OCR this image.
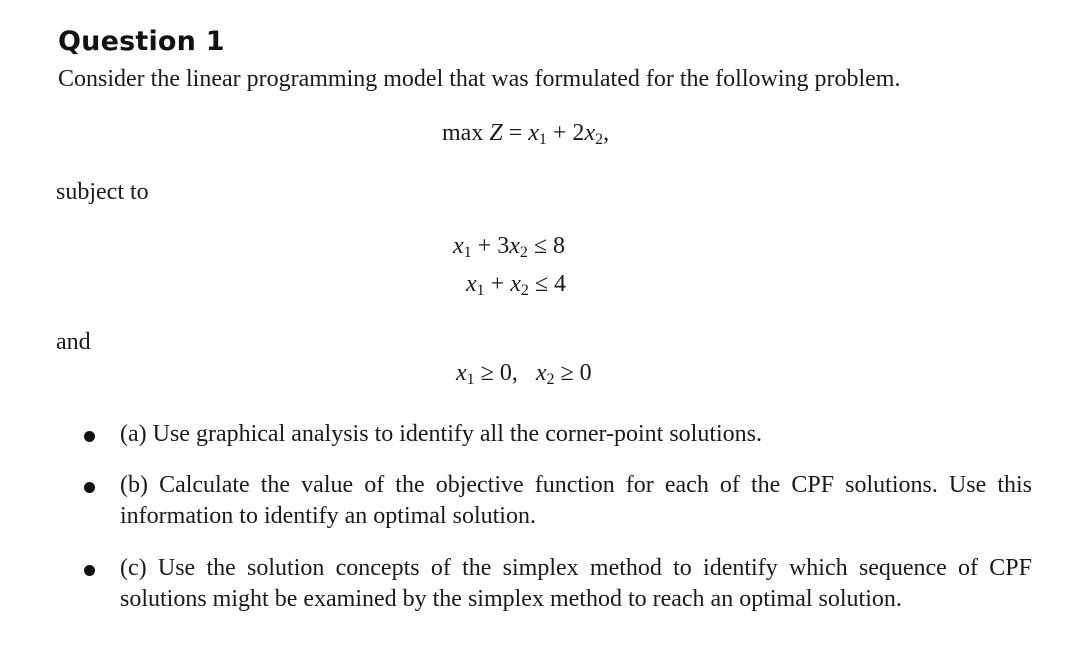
Question 1
Consider the linear programming model that was formulated for the following problem.
$\max Z = x_1 + 2x_2$,
subject to
$x_1 + 3x_2 \le 8$
$x_1 + x_2 \le 4$
and
$x_1 \ge 0$,   $x_2 \ge 0$
(a) Use graphical analysis to identify all the corner-point solutions.
(b) Calculate the value of the objective function for each of the CPF solutions. Use this information to identify an optimal solution.
(c) Use the solution concepts of the simplex method to identify which sequence of CPF solutions might be examined by the simplex method to reach an optimal solution.
